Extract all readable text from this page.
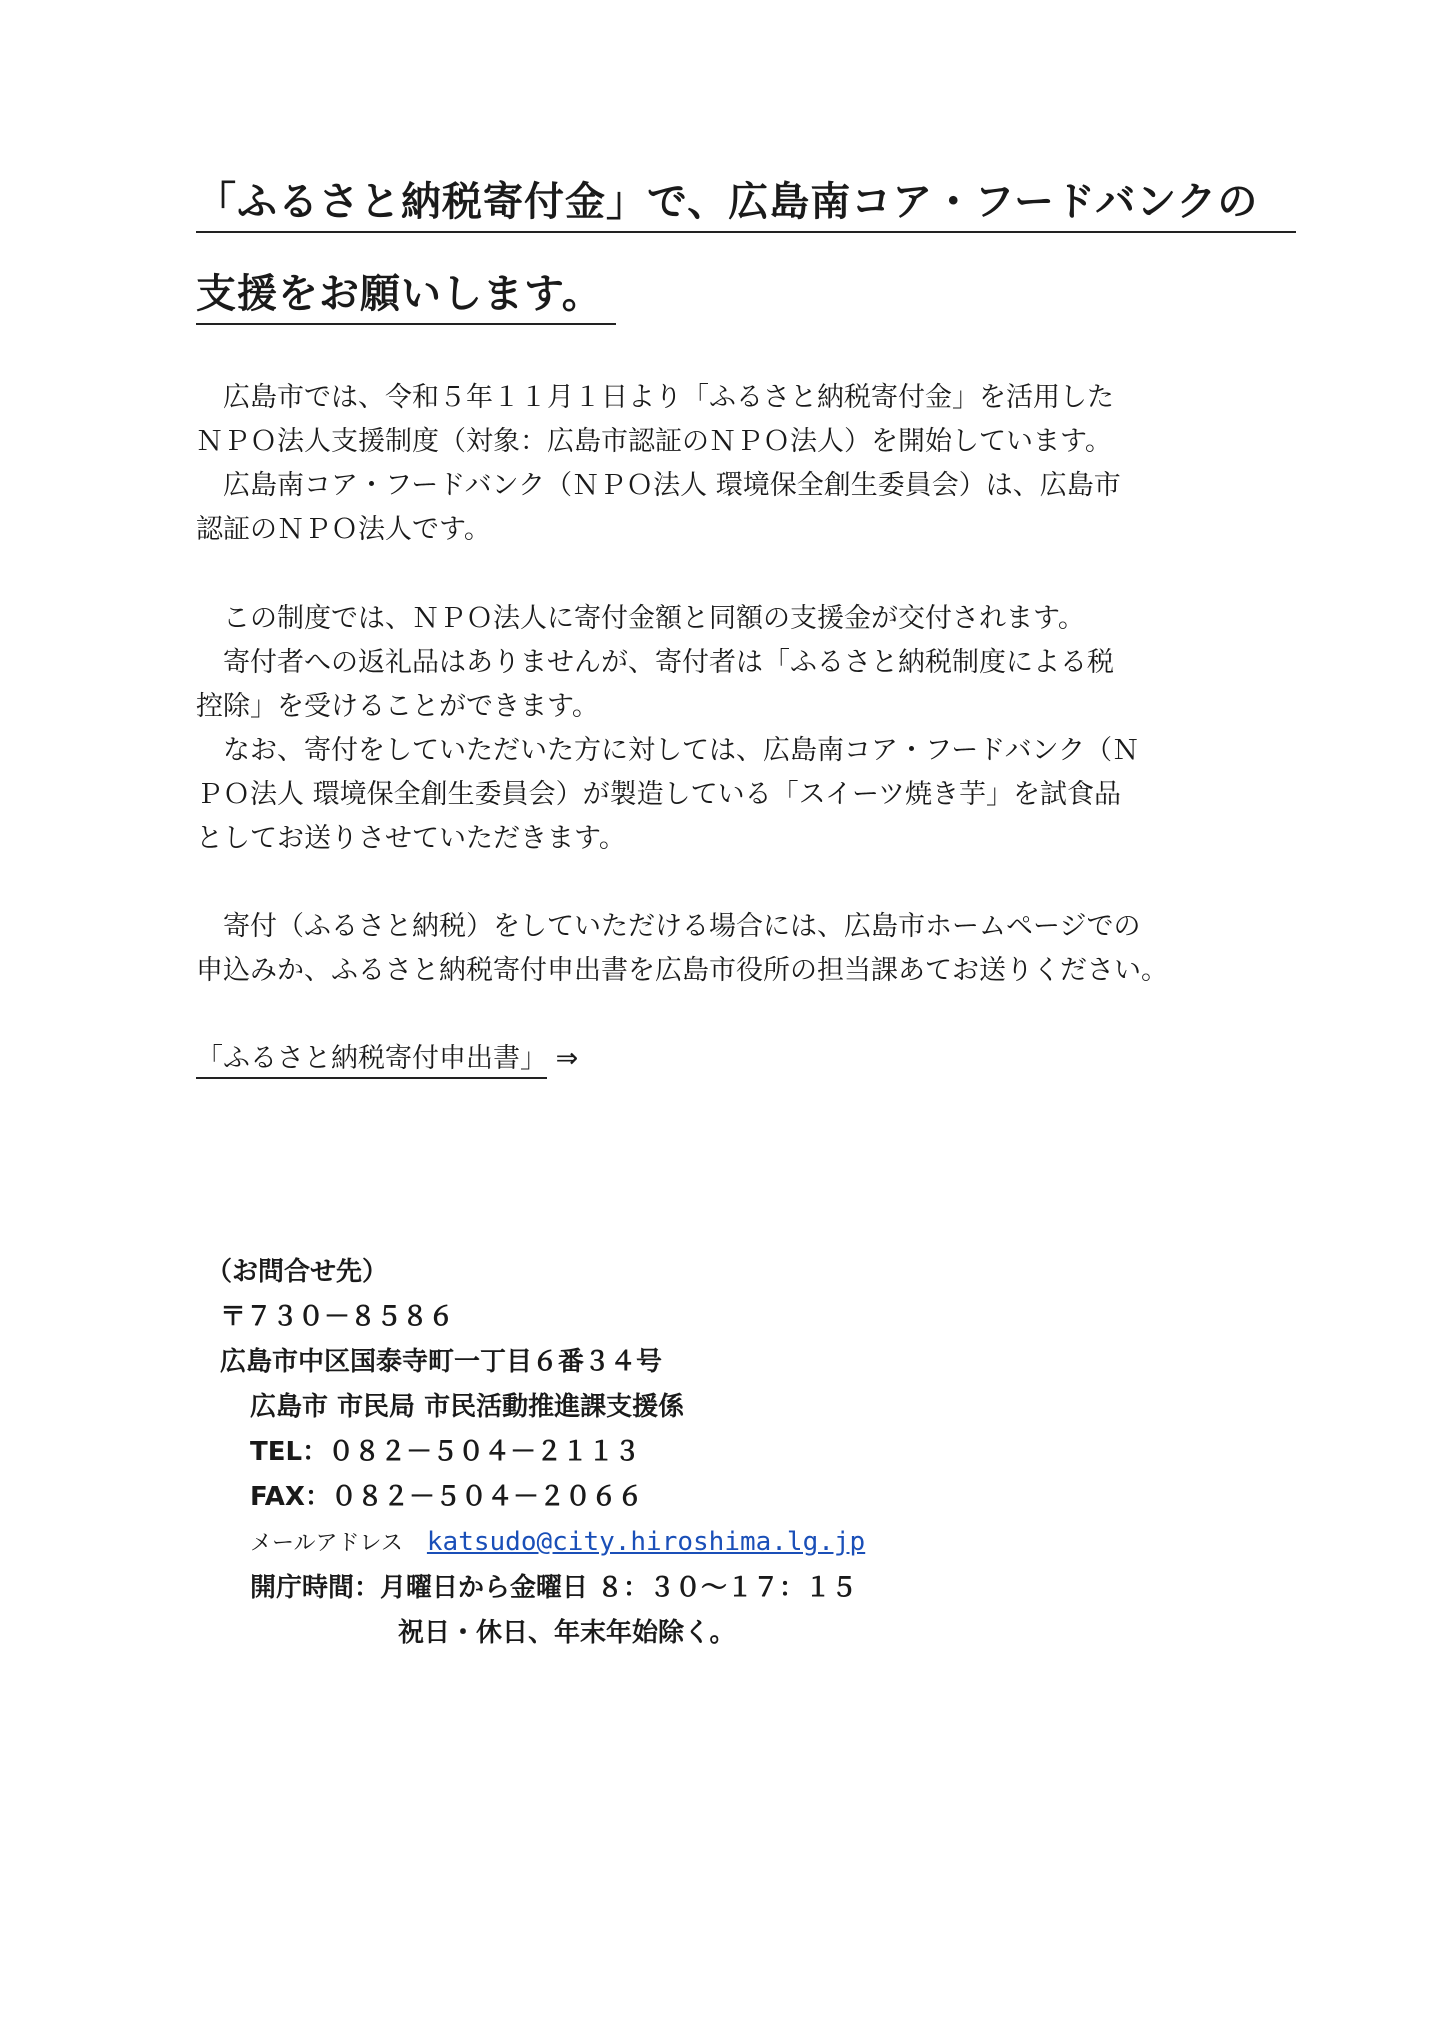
「ふるさと納税寄付金」で、広島南コア・フードバンクの
支援をお願いします。

広島市では、令和５年１１月１日より「ふるさと納税寄付金」を活用した

ＮＰＯ法人支援制度（対象：広島市認証のＮＰＯ法人）を開始しています。

広島南コア・フードバンク（ＮＰＯ法人 環境保全創生委員会）は、広島市

認証のＮＰＯ法人です。

この制度では、ＮＰＯ法人に寄付金額と同額の支援金が交付されます。

寄付者への返礼品はありませんが、寄付者は「ふるさと納税制度による税

控除」を受けることができます。

なお、寄付をしていただいた方に対しては、広島南コア・フードバンク（Ｎ

ＰＯ法人 環境保全創生委員会）が製造している「スイーツ焼き芋」を試食品

としてお送りさせていただきます。

寄付（ふるさと納税）をしていただける場合には、広島市ホームページでの

申込みか、ふるさと納税寄付申出書を広島市役所の担当課あてお送りください。

「ふるさと納税寄付申出書」 ⇒
（お問合せ先）
〒７３０－８５８６
広島市中区国泰寺町一丁目６番３４号
広島市 市民局 市民活動推進課支援係
TEL：０８２－５０４－２１１３
FAX：０８２－５０４－２０６６
メールアドレス katsudo@city.hiroshima.lg.jp
開庁時間：月曜日から金曜日 ８：３０～１７：１５
祝日・休日、年末年始除く。
